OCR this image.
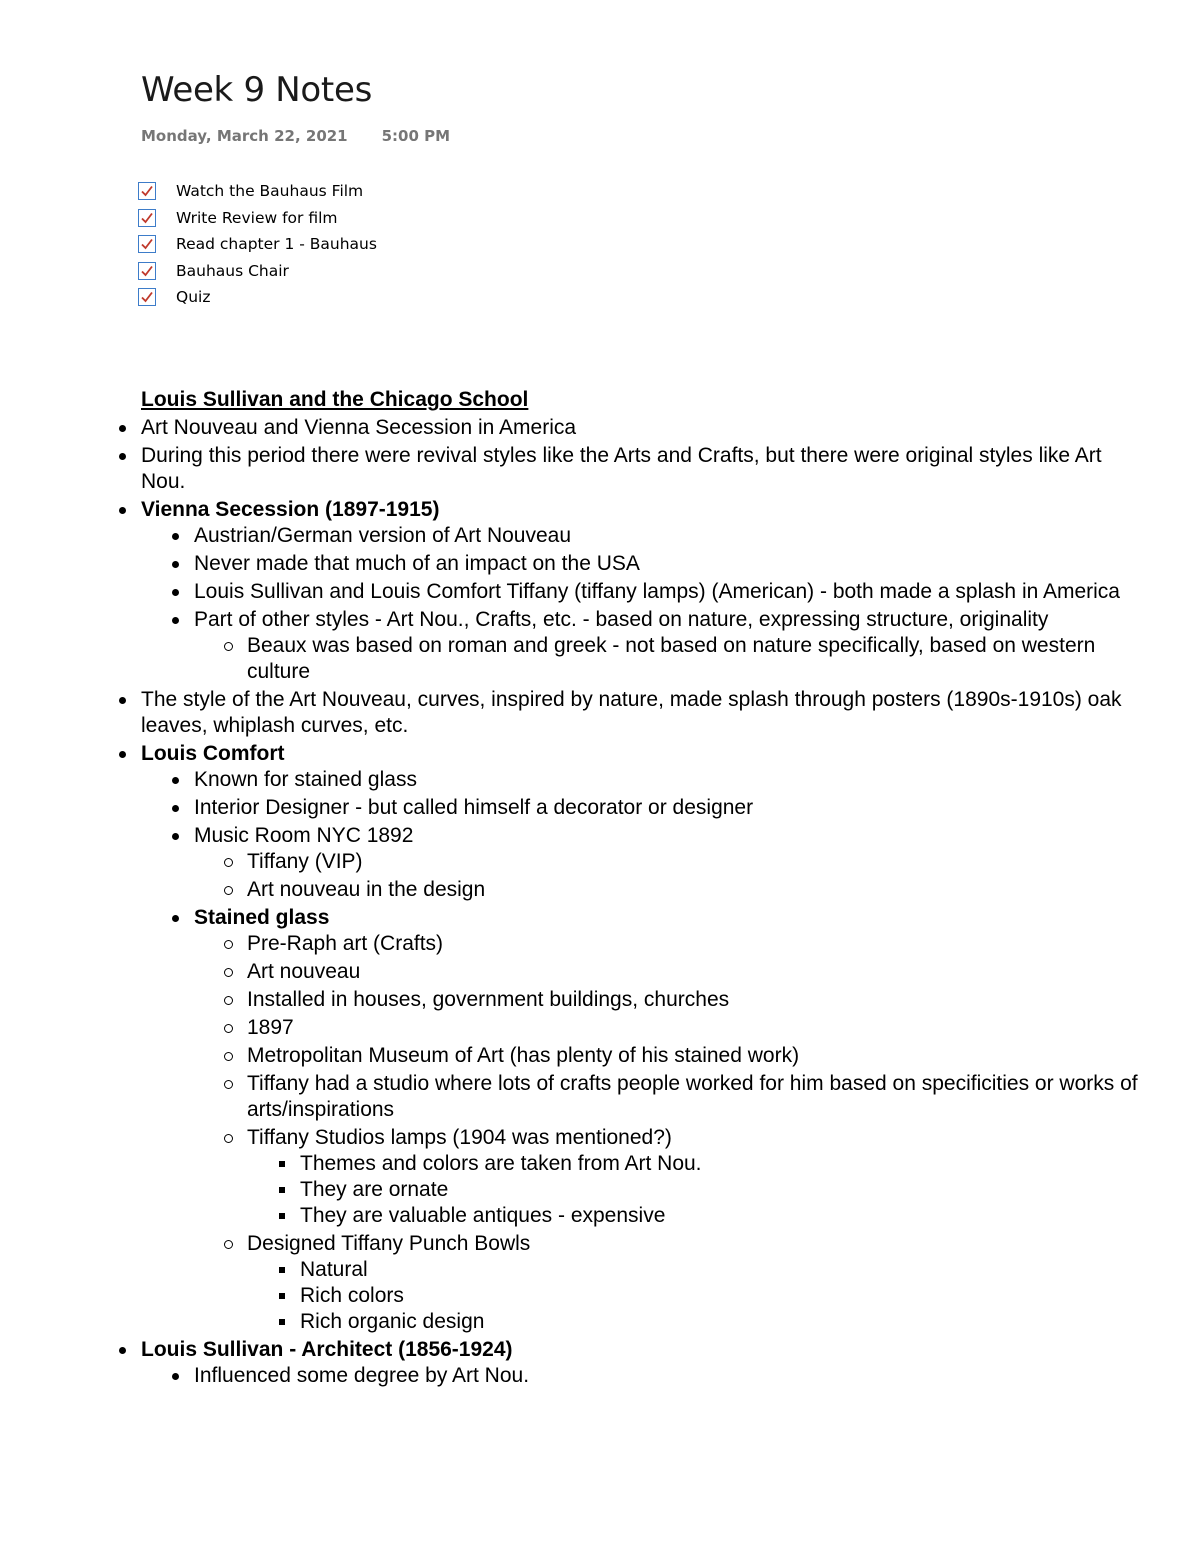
Week 9 Notes
Monday, March 22, 2021 5:00 PM
Watch the Bauhaus Film
Write Review for film
Read chapter 1 - Bauhaus
Bauhaus Chair
Quiz
Louis Sullivan and the Chicago School
Art Nouveau and Vienna Secession in America
During this period there were revival styles like the Arts and Crafts, but there were original styles like Art Nou.
Vienna Secession (1897-1915)
Austrian/German version of Art Nouveau
Never made that much of an impact on the USA
Louis Sullivan and Louis Comfort Tiffany (tiffany lamps) (American) - both made a splash in America
Part of other styles - Art Nou., Crafts, etc. - based on nature, expressing structure, originality
Beaux was based on roman and greek - not based on nature specifically, based on western culture
The style of the Art Nouveau, curves, inspired by nature, made splash through posters (1890s-1910s) oak leaves, whiplash curves, etc.
Louis Comfort
Known for stained glass
Interior Designer - but called himself a decorator or designer
Music Room NYC 1892
Tiffany (VIP)
Art nouveau in the design
Stained glass
Pre-Raph art (Crafts)
Art nouveau
Installed in houses, government buildings, churches
1897
Metropolitan Museum of Art (has plenty of his stained work)
Tiffany had a studio where lots of crafts people worked for him based on specificities or works of arts/inspirations
Tiffany Studios lamps (1904 was mentioned?)
Themes and colors are taken from Art Nou.
They are ornate
They are valuable antiques - expensive
Designed Tiffany Punch Bowls
Natural
Rich colors
Rich organic design
Louis Sullivan - Architect (1856-1924)
Influenced some degree by Art Nou.
